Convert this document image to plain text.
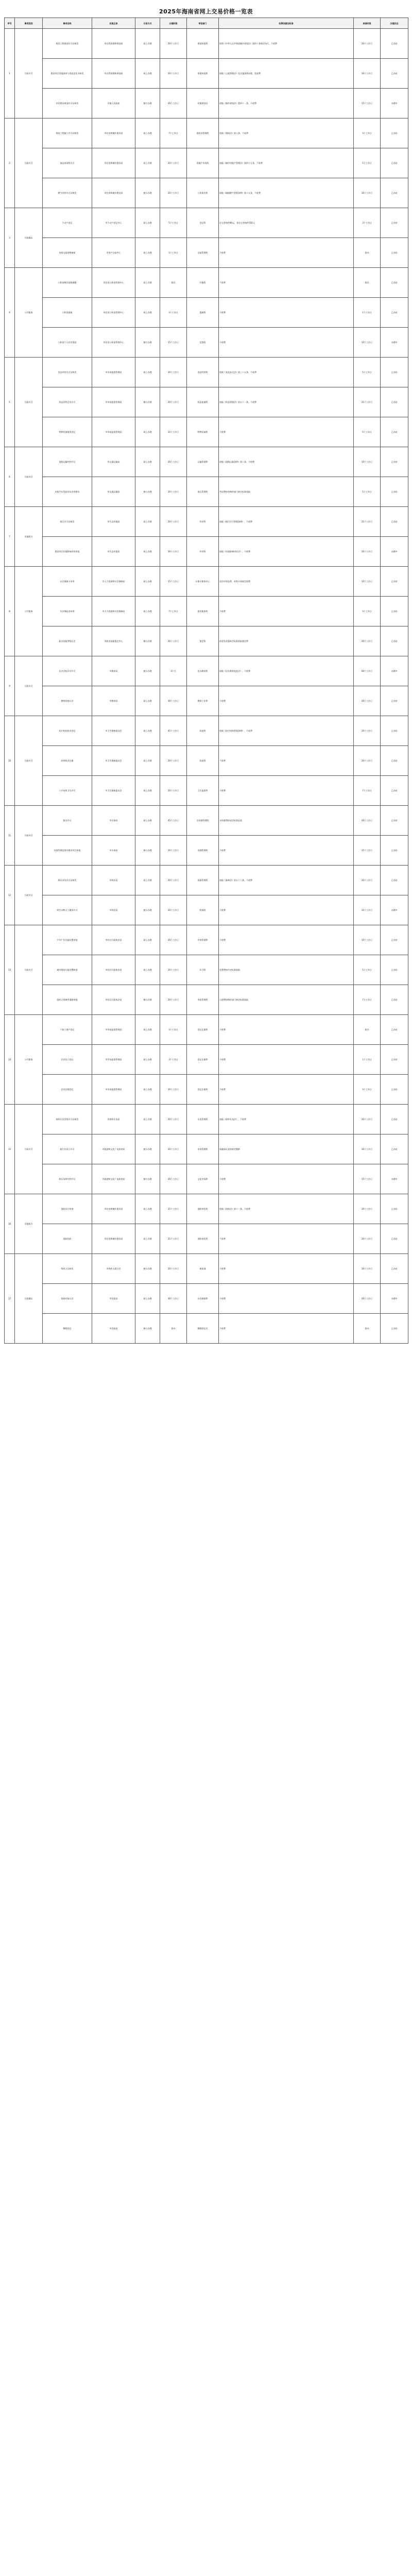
2025年海南省网上交易价格一览表
序号	事项类别	事项名称	实施主体	交易方式	办理时限	审批部门	收费依据及标准	承诺时限	办理状态
1	行政许可	建设工程规划许可证核发	市自然资源和规划局	网上办理	20个工作日	规划审批科	按照《中华人民共和国城乡规划法》第四十条规定执行，不收费	10个工作日	已办结
		建设项目用地预审与选址意见书核发	市自然资源和规划局	网上办理	20个工作日	用地审批科	依据《土地管理法》及实施条例办理，免收费	10个工作日	已办结
		乡村建设规划许可证核发	乡镇人民政府	窗口办理	20个工作日	村镇规划办	依据《城乡规划法》第四十一条，不收费	15个工作日	办理中
2	行政许可	建筑工程施工许可证核发	市住房和城乡建设局	网上办理	7个工作日	建筑业管理科	依据《建筑法》第八条，不收费	3个工作日	已办结
		商品房预售许可	市住房和城乡建设局	网上办理	10个工作日	房地产市场科	依据《城市房地产管理法》第四十五条，不收费	5个工作日	已办结
		燃气经营许可证核发	市住房和城乡建设局	窗口办理	20个工作日	公用事业科	依据《城镇燃气管理条例》第十五条，不收费	10个工作日	已办结
3	行政确认	不动产登记	市不动产登记中心	网上办理	5个工作日	登记科	住宅类每件80元，非住宅类每件550元	3个工作日	已办结
		房屋交易网签备案	市房产交易中心	网上办理	1个工作日	交易管理科	不收费	即办	已办结
4	公共服务	公积金缴存基数调整	市住房公积金管理中心	网上办理	即办	归集科	不收费	即办	已办结
		公积金提取	市住房公积金管理中心	网上办理	3个工作日	提取科	不收费	1个工作日	已办结
		公积金个人住房贷款	市住房公积金管理中心	窗口办理	15个工作日	信贷科	不收费	10个工作日	办理中
5	行政许可	食品经营许可证核发	市市场监督管理局	网上办理	10个工作日	食品经营科	依据《食品安全法》第三十五条，不收费	5个工作日	已办结
		药品零售企业许可	市市场监督管理局	窗口办理	20个工作日	药品流通科	依据《药品管理法》第五十一条，不收费	15个工作日	已办结
		特种设备使用登记	市市场监督管理局	网上办理	15个工作日	特种设备科	不收费	5个工作日	已办结
6	行政许可	道路运输经营许可	市交通运输局	网上办理	20个工作日	运输管理科	依据《道路运输条例》第十条，不收费	10个工作日	已办结
		出租汽车驾驶员从业资格证	市交通运输局	窗口办理	10个工作日	客运管理科	考试费按省物价部门核定标准收取	5个工作日	已办结
7	其他权力	排污许可证核发	市生态环境局	网上办理	20个工作日	环评科	依据《排污许可管理条例》，不收费	15个工作日	已办结
		建设项目环境影响评价审批	市生态环境局	网上办理	30个工作日	环评科	依据《环境影响评价法》，不收费	20个工作日	办理中
8	公共服务	社会保障卡申领	市人力资源和社会保障局	网上办理	15个工作日	社保卡服务中心	首次申领免费，补换卡按规定收费	10个工作日	已办结
		失业保险金申领	市人力资源和社会保障局	网上办理	7个工作日	就业服务科	不收费	3个工作日	已办结
		职业技能等级认定	市职业技能鉴定中心	窗口办理	30个工作日	鉴定科	按省发改委核定标准收取鉴定费	20个工作日	已办结
9	行政许可	民办学校办学许可	市教育局	窗口办理	3个月	民办教育科	依据《民办教育促进法》，不收费	60个工作日	办理中
		教师资格认定	市教育局	网上办理	30个工作日	教师工作科	不收费	20个工作日	已办结
10	行政许可	医疗机构执业登记	市卫生健康委员会	网上办理	45个工作日	医政科	依据《医疗机构管理条例》，不收费	20个工作日	已办结
		医师执业注册	市卫生健康委员会	网上办理	20个工作日	医政科	不收费	10个工作日	已办结
		公共场所卫生许可	市卫生健康委员会	网上办理	20个工作日	卫生监督所	不收费	7个工作日	已办结
11	行政许可	取水许可	市水务局	网上办理	45个工作日	水资源管理科	水资源费按省定标准征收	20个工作日	已办结
		河道管理范围内建设项目审批	市水务局	窗口办理	20个工作日	河湖管理科	不收费	15个工作日	已办结
12	行政许可	林木采伐许可证核发	市林业局	网上办理	20个工作日	资源管理科	依据《森林法》第五十六条，不收费	10个工作日	已办结
		野生动物人工繁育许可	市林业局	窗口办理	20个工作日	野保科	不收费	15个工作日	办理中
13	行政许可	户外广告设施设置审批	市综合行政执法局	网上办理	20个工作日	市容管理科	不收费	10个工作日	已办结
		城市建筑垃圾处置核准	市综合行政执法局	网上办理	20个工作日	环卫科	处置费按市定标准收取	5个工作日	已办结
		临时占用城市道路审批	市综合行政执法局	窗口办理	20个工作日	市政管理科	占道费按物价部门核定标准收取	7个工作日	已办结
14	公共服务	个体工商户登记	市市场监督管理局	网上办理	3个工作日	登记注册科	不收费	即办	已办结
		企业设立登记	市市场监督管理局	网上办理	3个工作日	登记注册科	不收费	1个工作日	已办结
		企业注销登记	市市场监督管理局	网上办理	10个工作日	登记注册科	不收费	3个工作日	已办结
15	行政许可	烟草专卖零售许可证核发	市烟草专卖局	网上办理	20个工作日	专卖管理科	依据《烟草专卖法》，不收费	10个工作日	已办结
		旅行社设立许可	市旅游和文化广电体育局	窗口办理	20个工作日	市场管理科	质量保证金按规定缴纳	10个工作日	已办结
		娱乐场所经营许可	市旅游和文化广电体育局	窗口办理	20个工作日	文化市场科	不收费	15个工作日	办理中
16	其他权力	消防设计审查	市住房和城乡建设局	网上办理	15个工作日	消防审验科	依据《消防法》第十一条，不收费	10个工作日	已办结
		消防验收	市住房和城乡建设局	网上办理	15个工作日	消防审验科	不收费	10个工作日	已办结
17	行政确认	残疾人证核发	市残疾人联合会	窗口办理	20个工作日	康复部	不收费	10个工作日	已办结
		低保对象认定	市民政局	网上办理	30个工作日	社会救助科	不收费	20个工作日	办理中
		婚姻登记	市民政局	窗口办理	即办	婚姻登记处	不收费	即办	已办结
